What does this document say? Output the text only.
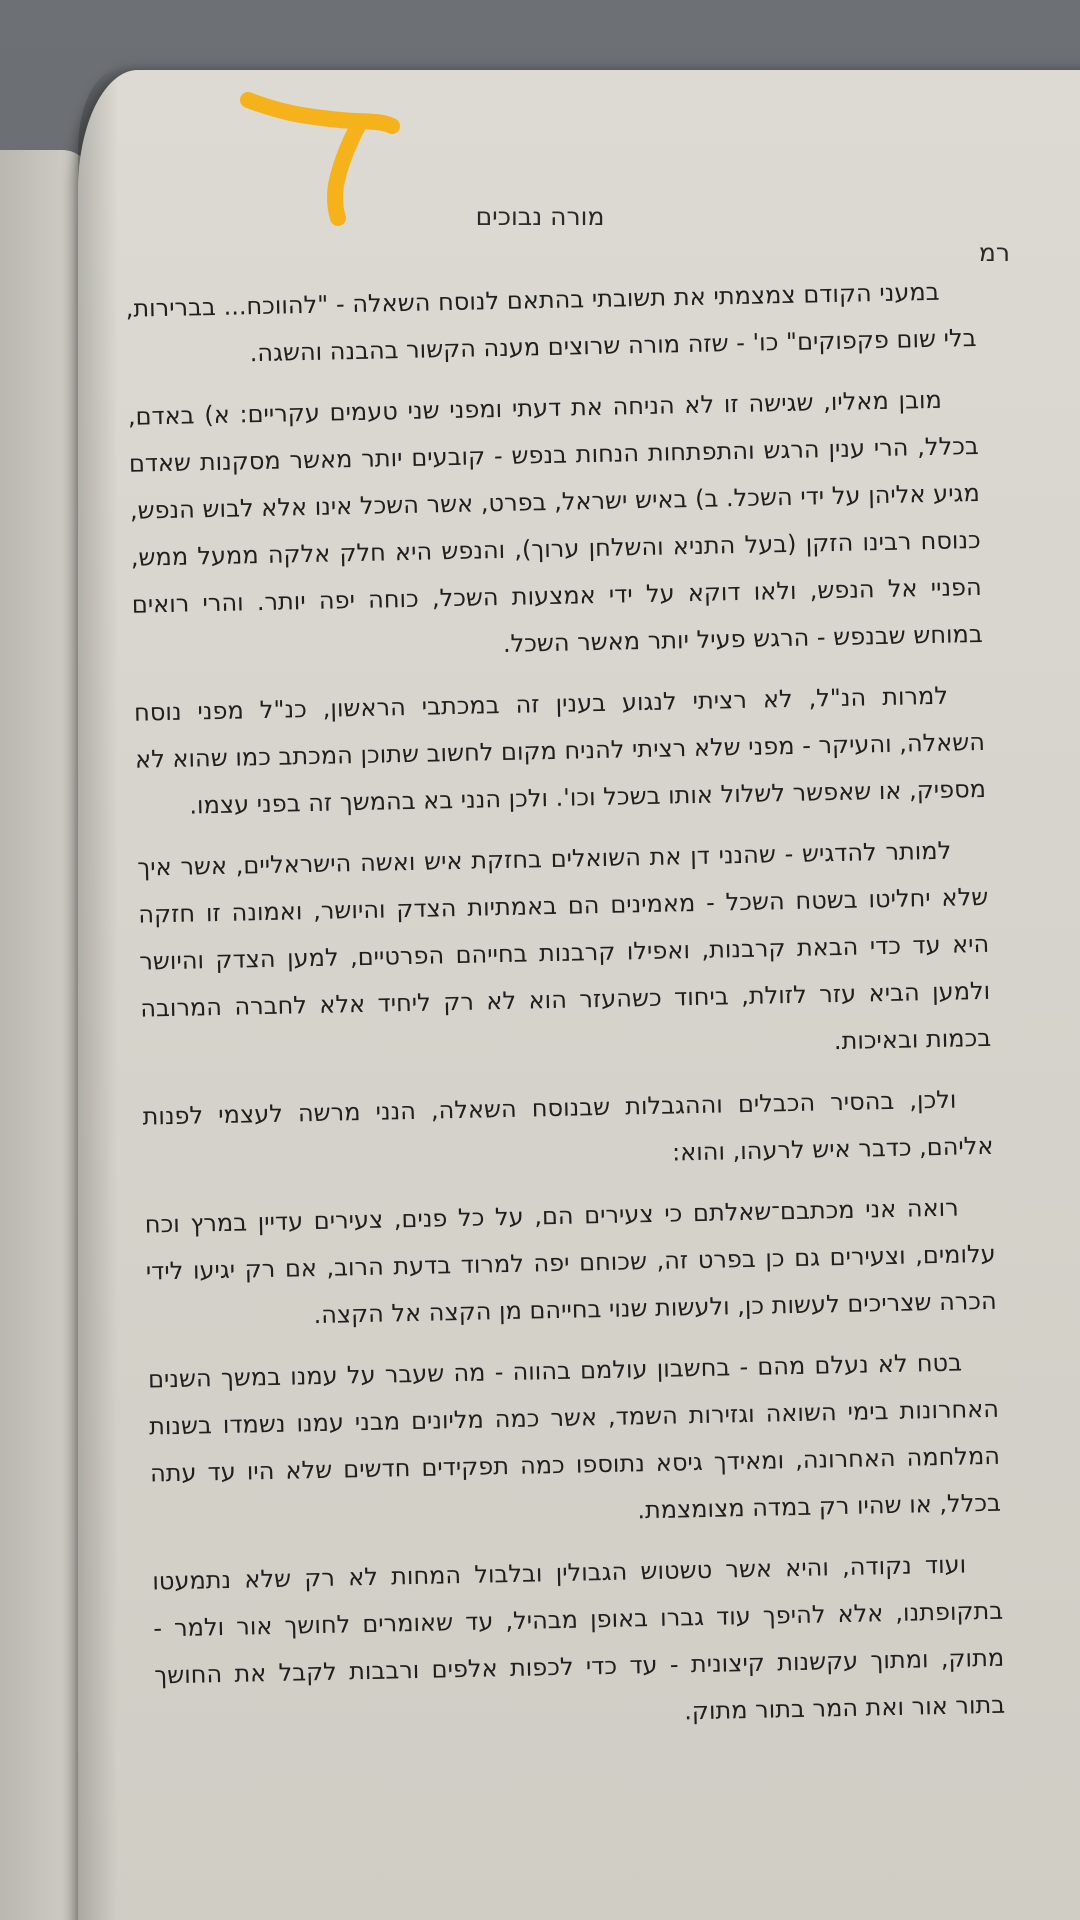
מורה נבוכים
רמ

במעני הקודם צמצמתי את תשובתי בהתאם לנוסח השאלה - "להווכח... בברירות, בלי שום פקפוקים" כו' - שזה מורה שרוצים מענה הקשור בהבנה והשגה.

מובן מאליו, שגישה זו לא הניחה את דעתי ומפני שני טעמים עקריים: א) באדם, בכלל, הרי ענין הרגש והתפתחות הנחות בנפש - קובעים יותר מאשר מסקנות שאדם מגיע אליהן על ידי השכל. ב) באיש ישראל, בפרט, אשר השכל אינו אלא לבוש הנפש, כנוסח רבינו הזקן (בעל התניא והשלחן ערוך), והנפש היא חלק אלקה ממעל ממש, הפניי אל הנפש, ולאו דוקא על ידי אמצעות השכל, כוחה יפה יותר. והרי רואים במוחש שבנפש - הרגש פעיל יותר מאשר השכל.

למרות הנ"ל, לא רציתי לנגוע בענין זה במכתבי הראשון, כנ"ל מפני נוסח השאלה, והעיקר - מפני שלא רציתי להניח מקום לחשוב שתוכן המכתב כמו שהוא לא מספיק, או שאפשר לשלול אותו בשכל וכו'. ולכן הנני בא בהמשך זה בפני עצמו.

למותר להדגיש - שהנני דן את השואלים בחזקת איש ואשה הישראליים, אשר איך שלא יחליטו בשטח השכל - מאמינים הם באמתיות הצדק והיושר, ואמונה זו חזקה היא עד כדי הבאת קרבנות, ואפילו קרבנות בחייהם הפרטיים, למען הצדק והיושר ולמען הביא עזר לזולת, ביחוד כשהעזר הוא לא רק ליחיד אלא לחברה המרובה בכמות ובאיכות.

ולכן, בהסיר הכבלים וההגבלות שבנוסח השאלה, הנני מרשה לעצמי לפנות אליהם, כדבר איש לרעהו, והוא:

רואה אני מכתבם־שאלתם כי צעירים הם, על כל פנים, צעירים עדיין במרץ וכח עלומים, וצעירים גם כן בפרט זה, שכוחם יפה למרוד בדעת הרוב, אם רק יגיעו לידי הכרה שצריכים לעשות כן, ולעשות שנוי בחייהם מן הקצה אל הקצה.

בטח לא נעלם מהם - בחשבון עולמם בהווה - מה שעבר על עמנו במשך השנים האחרונות בימי השואה וגזירות השמד, אשר כמה מליונים מבני עמנו נשמדו בשנות המלחמה האחרונה, ומאידך גיסא נתוספו כמה תפקידים חדשים שלא היו עד עתה בכלל, או שהיו רק במדה מצומצמת.

ועוד נקודה, והיא אשר טשטוש הגבולין ובלבול המחות לא רק שלא נתמעטו בתקופתנו, אלא להיפך עוד גברו באופן מבהיל, עד שאומרים לחושך אור ולמר - מתוק, ומתוך עקשנות קיצונית - עד כדי לכפות אלפים ורבבות לקבל את החושך בתור אור ואת המר בתור מתוק.
